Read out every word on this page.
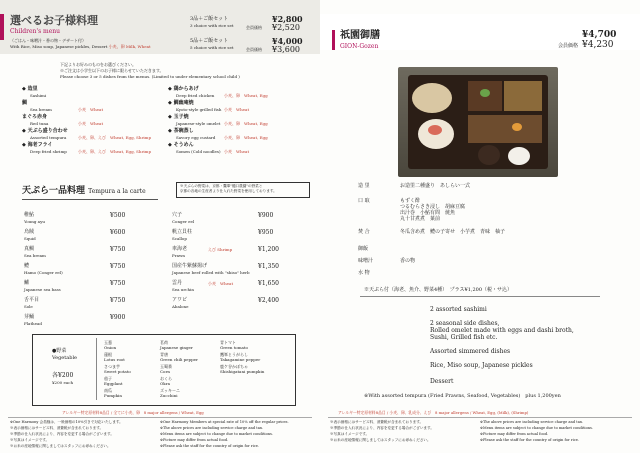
選べるお子様料理
Children's menu
（ごはん・味噌汁・香の物・デザート付）
With Rice, Miso soup, Japanese pickles, Dessert 小麦、卵 Milk, Wheat
3品＋ご飯セット
3 choice with rice set
¥2,800
会員価格 ¥2,520
5品＋ご飯セット
5 choice with rice set
¥4,000
会員価格 ¥3,600
下記よりお好みのものをお選びください。
※ご注文は小学生以下のお子様に限らせていただきます。
Please choose 3 or 5 dishes from the menus. (Limited to under elementary school child )
◆ 造里
Sashimi
鯛
Sea bream	小麦　Wheat
まぐろ赤身
Red tuna	小麦　Wheat
◆ 天ぷら盛り合わせ
Assorted tempura	小麦、卵、えび　Wheat, Egg, Shrimp
◆ 海老フライ
Deep fried shrimp	小麦、卵、えび　Wheat, Egg, Shrimp
◆ 鶏からあげ
Deep fried chicken 小麦、卵　Wheat, Egg
◆ 鯛幽庵焼
Kyoto-style grilled fish 小麦　Wheat
◆ 玉子焼
Japanese-style omelet 小麦、卵　Wheat, Egg
◆ 茶碗蒸し
Savory egg custard 小麦、卵　Wheat, Egg
◆ そうめん
Somen (Cold noodles) 小麦　Wheat
天ぷら一品料理 Tempura a la carte
※天ぷらの野菜は、京都・鷹峯"樋口農園"の野菜と
京都の各地の生産者より仕入れた野菜を使用しております。
稚鮎
Young ayu
¥500
烏賊
Squid
¥600
真鯛
Sea bream
¥750
鱧
Hamo (Conger eel)
¥750
鱸
Japanese sea bass
¥750
舌平目
Sole
¥750
芽鯒
Flathead
¥900
穴子
Conger eel
¥900
帆立貝柱
Scallop
¥950
車海老
Prawn
えび Shrimp	¥1,200
国産牛紫蘇揚げ
Japanese beef rolled with "shiso" herb
¥1,350
雲丹
Sea urchin
小麦　Wheat	¥1,650
アワビ
Abalone
¥2,400
●野菜
Vegetable
各¥200
¥200 each
玉葱
Onion
蓮根
Lotus root
さつま芋
Sweet potato
茄子
Eggplant
南瓜
Pumpkin
茗荷
Japanese ginger
青唐
Green chili pepper
玉蜀黍
Corn
おくら
Okra
ズッキーニ
Zucchini
青トマト
Green tomato
鷹峯とうがらし
Takagamine pepper
鹿ケ谷かぼちゃ
Shishigatani pumpkin
アレルギー特定原材料8品目 / 全てに小麦、卵　8 major allergens / Wheat, Egg
※One Harmony 会員様は、一般価格の10%引きで対応いたします。
※表示価格にはサービス料、消費税が含まれております。
※季節の仕入れ状況により、内容を変更する場合がございます。
※写真はイメージです。
※お米の産地情報に関しましてはスタッフにお尋ねください。
※One Harmony Members at special rate of 10% off the regular prices.
※The above prices are including service charge and tax.
※Menu items are subject to change due to market conditions.
※Picture may differ from actual food.
※Please ask the staff for the country of origin for rice.
祇園御膳
GION-Gozen
¥4,700
会員価格 ¥4,230
造 里	お造里二種盛り　あしらい一式
口 取	もずく酢
つるむらさき浸し　胡麻豆腐
出汁巻　小鮎有問　焼魚
丸十甘煮煮　菓前
焚 合	冬瓜含め煮　鱧の子寄せ　小芋煮　青味　柚子
御飯
味噌汁	香の物
水 物
※天ぷら付（海老、魚介、野菜4種）　プラス¥1,200（税・サ込）
2 assorted sashimi
2 seasonal side dishes,
Rolled omelet made with eggs and dashi broth,
Sushi, Grilled fish etc.
Assorted simmered dishes
Rice, Miso soup, Japanese pickles
Dessert
※With assorted tempura (Fried Prawns, Seafood, Vegetables)　plus 1,200yen
アレルギー特定原材料8品目 / 小麦、卵、乳成分、えび　8 major allergens / Wheat, Egg, (Milk), (Shrimp)
※表示価格にはサービス料、消費税が含まれております。
※季節の仕入れ状況により、内容を変更する場合がございます。
※写真はイメージです。
※お米の産地情報に関しましてはスタッフにお尋ねください。
※The above prices are including service charge and tax.
※Menu items are subject to change due to market conditions.
※Picture may differ from actual food.
※Please ask the staff for the country of origin for rice.
